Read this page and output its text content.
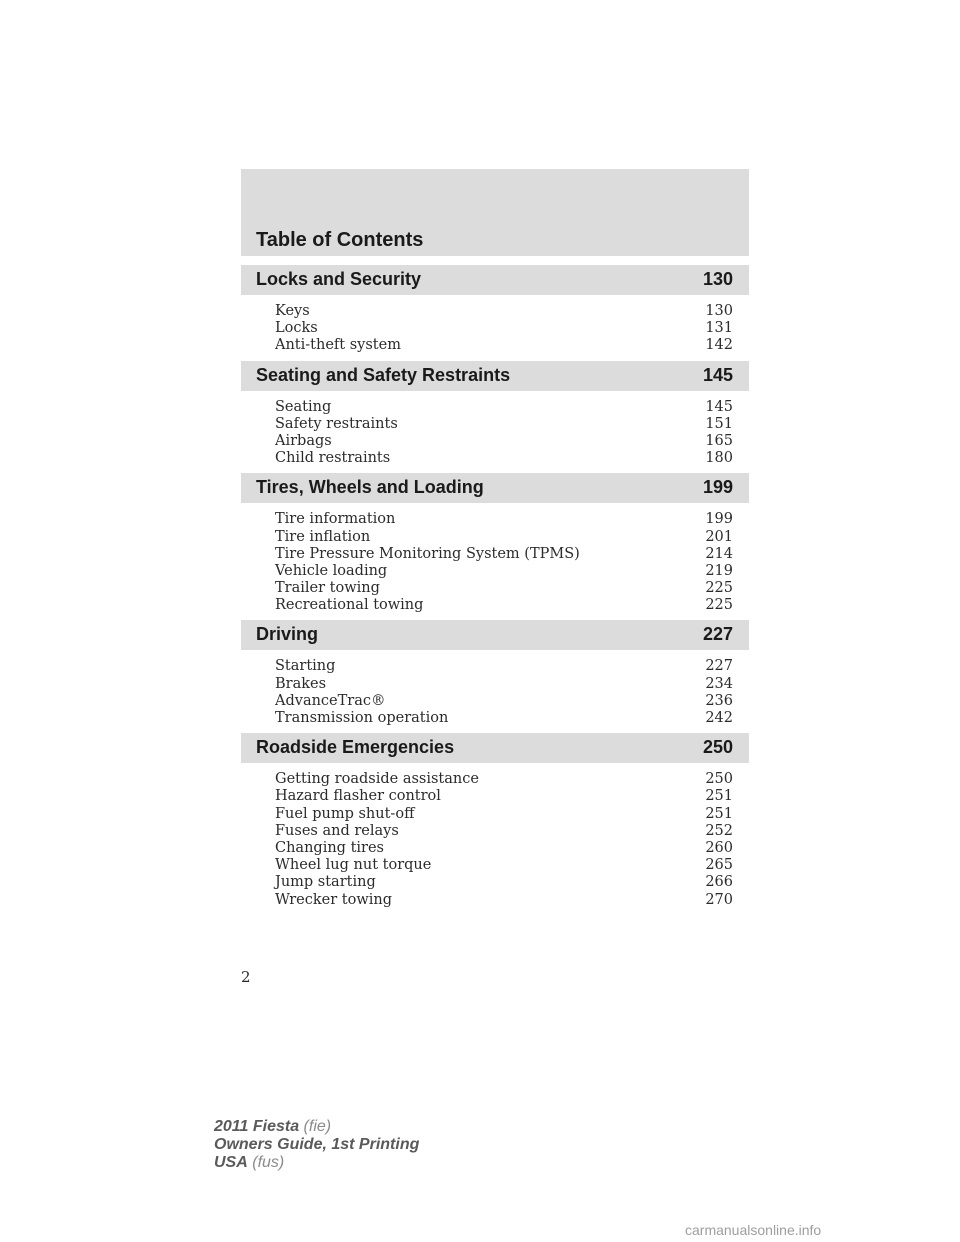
Table of Contents
Locks and Security	130
Keys	130
Locks	131
Anti-theft system	142
Seating and Safety Restraints	145
Seating	145
Safety restraints	151
Airbags	165
Child restraints	180
Tires, Wheels and Loading	199
Tire information	199
Tire inflation	201
Tire Pressure Monitoring System (TPMS)	214
Vehicle loading	219
Trailer towing	225
Recreational towing	225
Driving	227
Starting	227
Brakes	234
AdvanceTrac®	236
Transmission operation	242
Roadside Emergencies	250
Getting roadside assistance	250
Hazard flasher control	251
Fuel pump shut-off	251
Fuses and relays	252
Changing tires	260
Wheel lug nut torque	265
Jump starting	266
Wrecker towing	270
2
2011 Fiesta (fie)
Owners Guide, 1st Printing
USA (fus)
carmanualsonline.info
